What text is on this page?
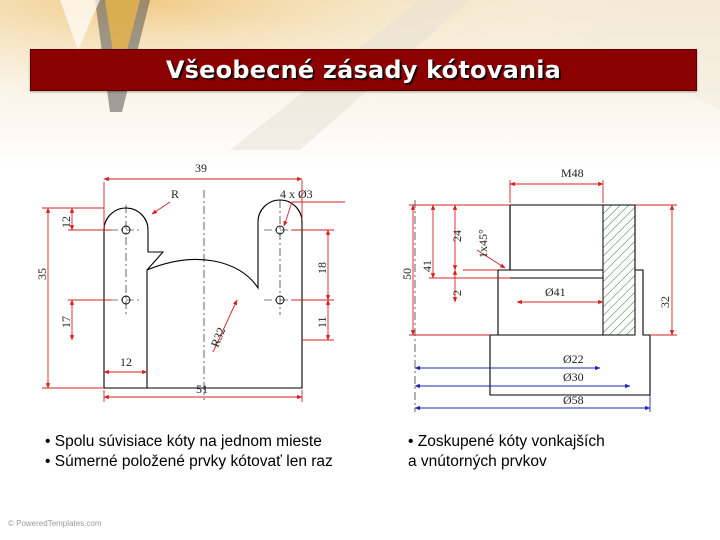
Všeobecné zásady kótovania
39
R	4 x Ø3
12
35
17
18
11
R32
12
51
M48
24 1x45°
50
41
2	Ø41
32
Ø22
Ø30
Ø58
• Spolu súvisiace kóty na jednom mieste
• Súmerné položené prvky kótovať len raz
• Zoskupené kóty vonkajších
a vnútorných prvkov
© PoweredTemplates.com
